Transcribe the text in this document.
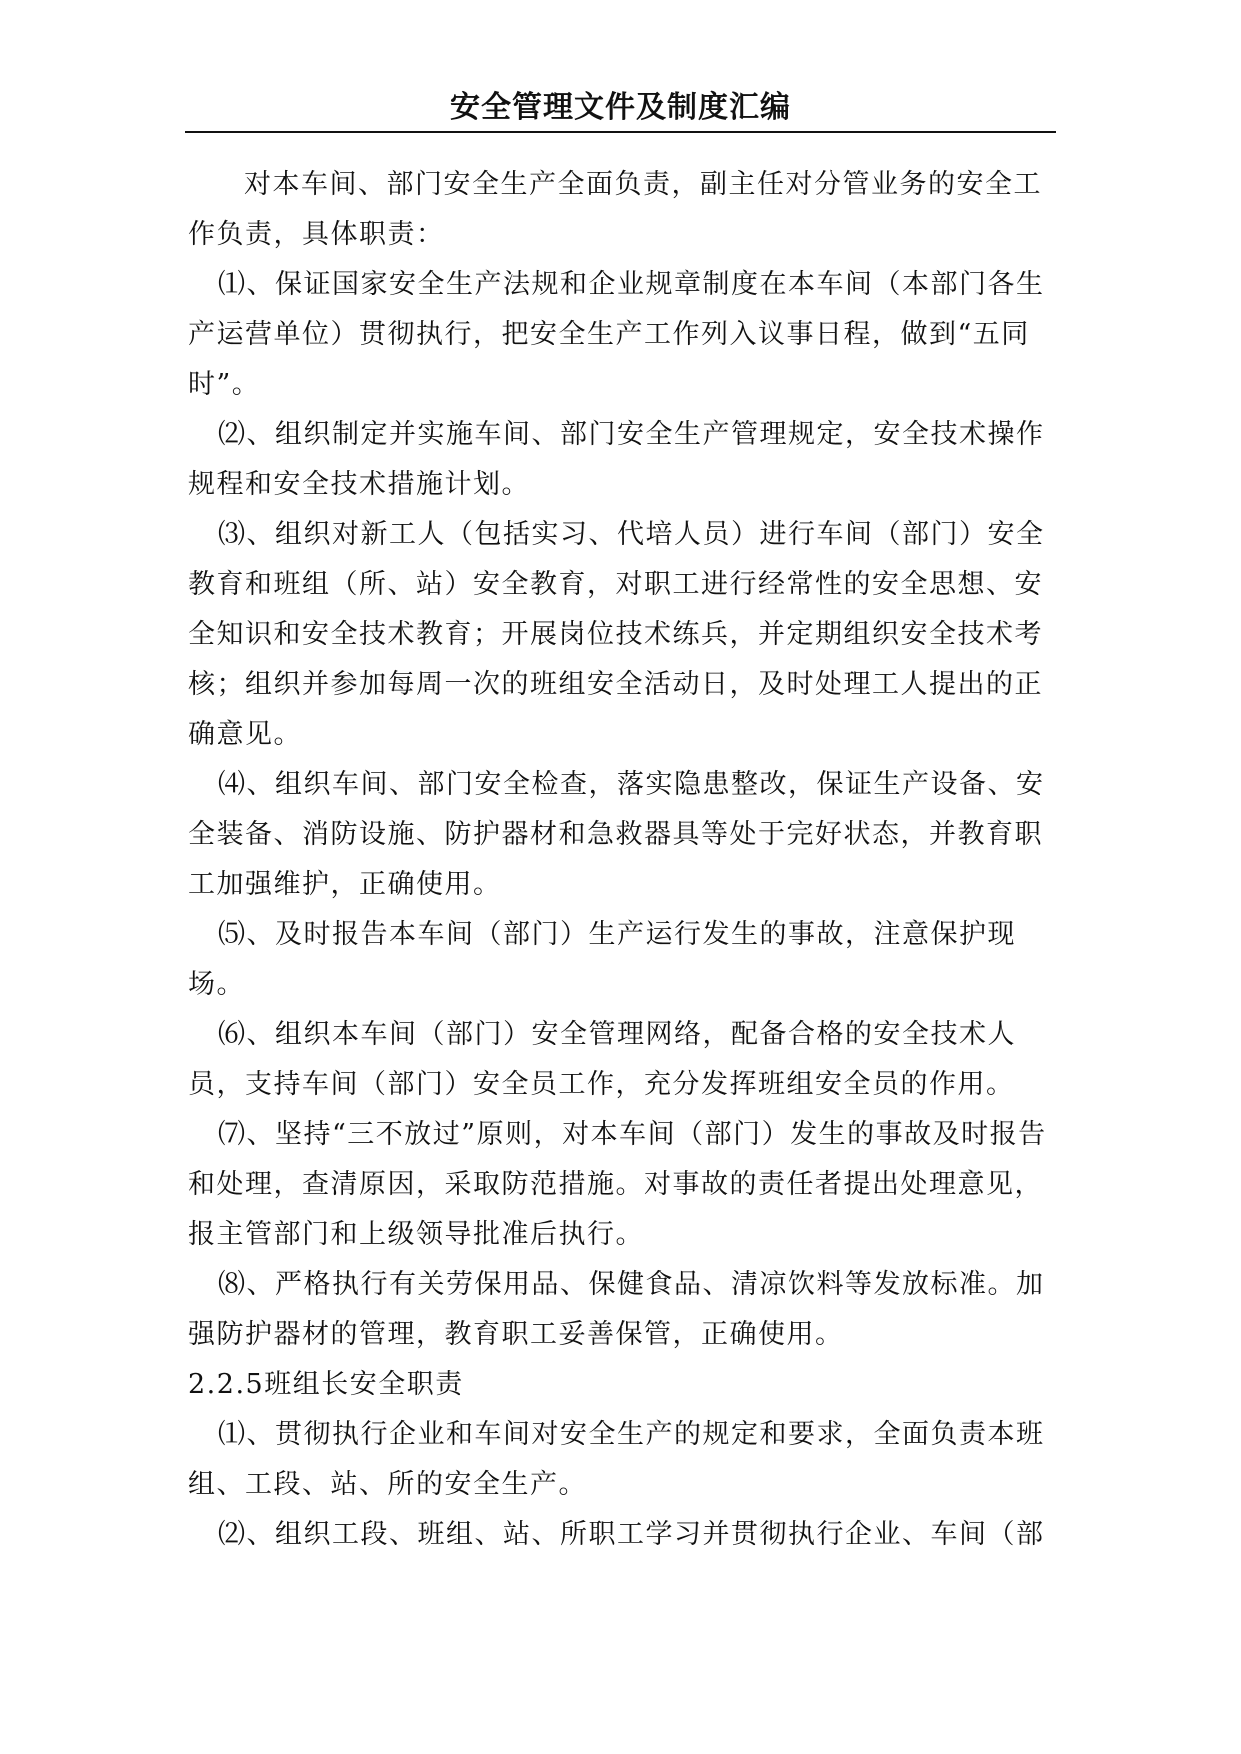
安全管理文件及制度汇编

对本车间、部门安全生产全面负责，副主任对分管业务的安全工作负责，具体职责：

⑴、保证国家安全生产法规和企业规章制度在本车间（本部门各生产运营单位）贯彻执行，把安全生产工作列入议事日程，做到“五同时”。

⑵、组织制定并实施车间、部门安全生产管理规定，安全技术操作规程和安全技术措施计划。

⑶、组织对新工人（包括实习、代培人员）进行车间（部门）安全教育和班组（所、站）安全教育，对职工进行经常性的安全思想、安全知识和安全技术教育；开展岗位技术练兵，并定期组织安全技术考核；组织并参加每周一次的班组安全活动日，及时处理工人提出的正确意见。

⑷、组织车间、部门安全检查，落实隐患整改，保证生产设备、安全装备、消防设施、防护器材和急救器具等处于完好状态，并教育职工加强维护，正确使用。

⑸、及时报告本车间（部门）生产运行发生的事故，注意保护现场。

⑹、组织本车间（部门）安全管理网络，配备合格的安全技术人员，支持车间（部门）安全员工作，充分发挥班组安全员的作用。

⑺、坚持“三不放过”原则，对本车间（部门）发生的事故及时报告和处理，查清原因，采取防范措施。对事故的责任者提出处理意见，报主管部门和上级领导批准后执行。

⑻、严格执行有关劳保用品、保健食品、清凉饮料等发放标准。加强防护器材的管理，教育职工妥善保管，正确使用。

2.2.5班组长安全职责

⑴、贯彻执行企业和车间对安全生产的规定和要求，全面负责本班组、工段、站、所的安全生产。

⑵、组织工段、班组、站、所职工学习并贯彻执行企业、车间（部
